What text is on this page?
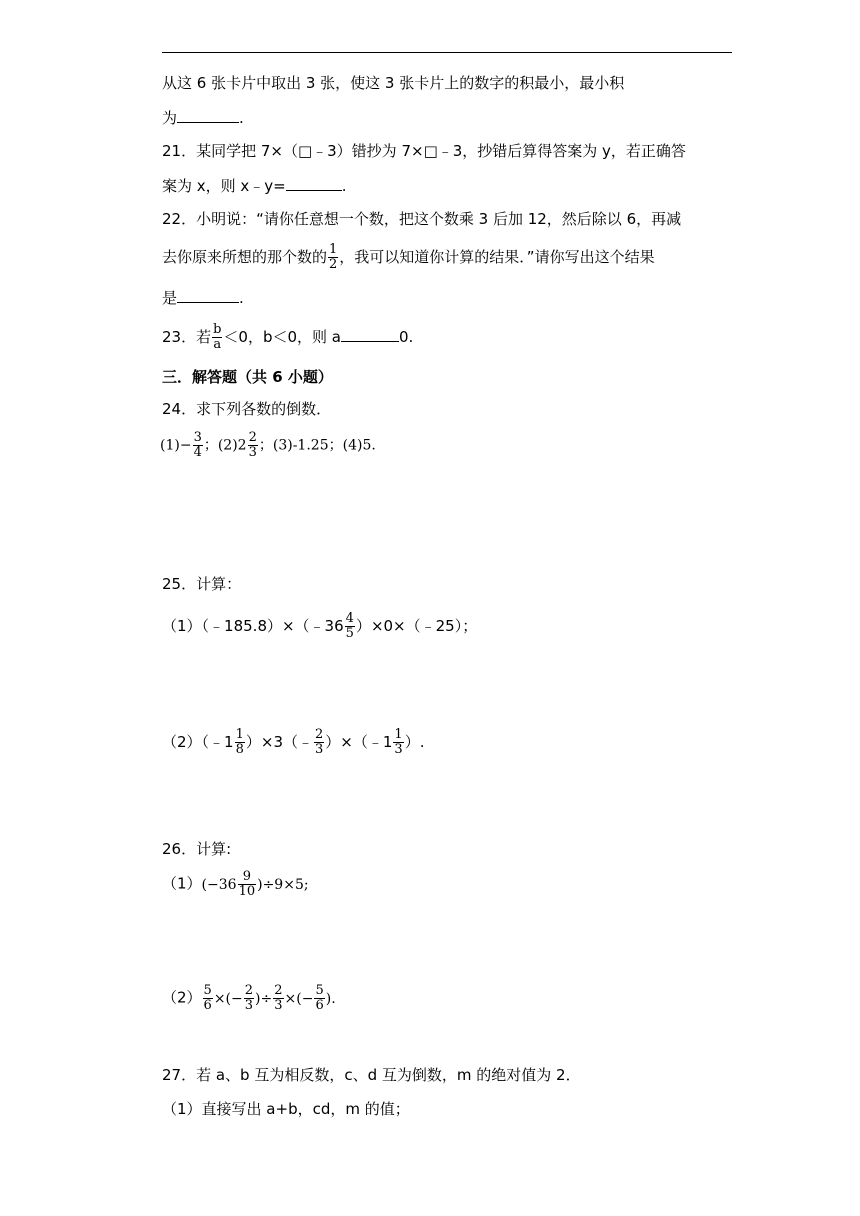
从这 6 张卡片中取出 3 张，使这 3 张卡片上的数字的积最小，最小积
为	.
21．某同学把 7×（□﹣3）错抄为 7×□﹣3，抄错后算得答案为 y，若正确答
案为 x，则 x﹣y=	.
22．小明说：“请你任意想一个数，把这个数乘 3 后加 12，然后除以 6，再减
去你原来所想的那个数的 $\frac{1}{2}$ ，我可以知道你计算的结果．”请你写出这个结果
是	.
23．若 $\frac{b}{a} <0$，b＜0，则 a	0.
三．解答题（共 6 小题）
24．求下列各数的倒数．
$(1)- \frac{3}{4}$ ；$(2)2 \frac{2}{3}$ ；(3)-1.25；(4)5.
25．计算：
（1）（﹣185.8）×（﹣36 $\frac{4}{5}$ ）×0×（﹣25）；
（2）（﹣1 $\frac{1}{8}$ ）×3（﹣ $\frac{2}{3}$ ）×（﹣1 $\frac{1}{3}$ ）.
26．计算:
$(1)(-36 \frac{9}{10} )\div 9\times 5$;
$(2) \frac{5}{6}$ ×(− $\frac{2}{3}$ )÷ $\frac{2}{3}$ ×(− $\frac{5}{6}$ ).
27．若 a、b 互为相反数，c、d 互为倒数，m 的绝对值为 2．
（1）直接写出 a+b，cd，m 的值；
